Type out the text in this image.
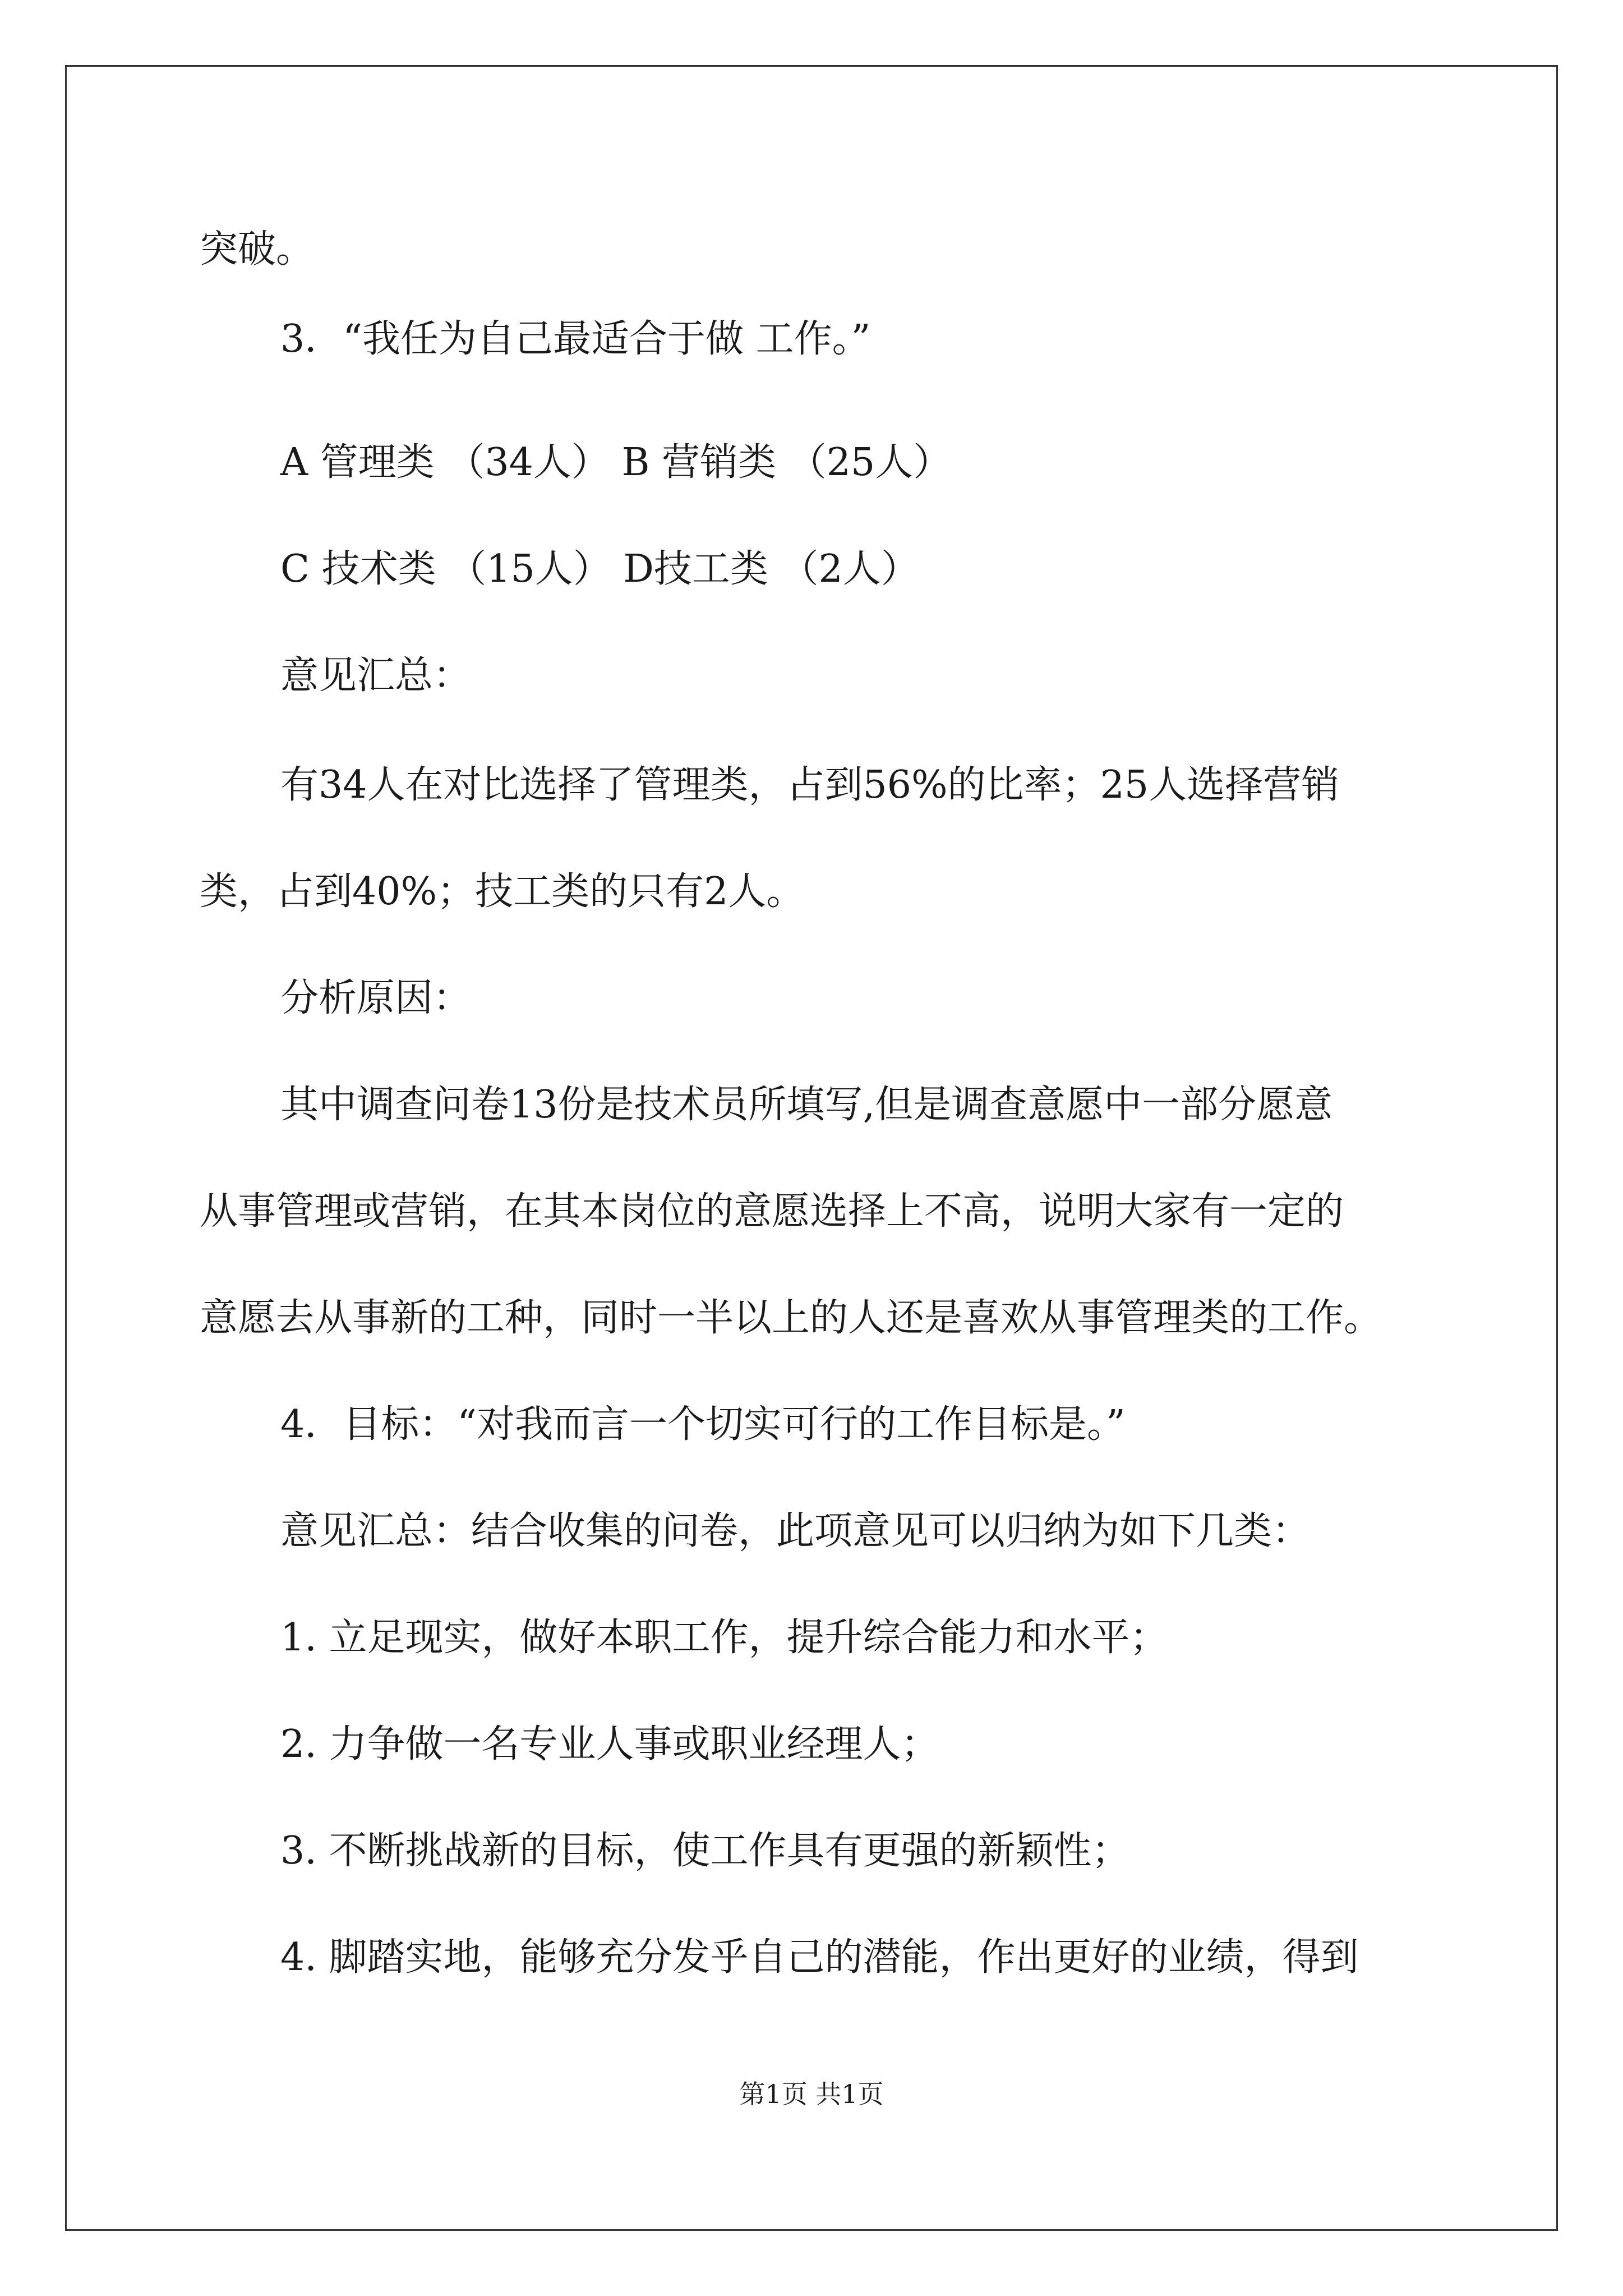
突破。
3．“我任为自己最适合于做 工作。”
A 管理类 （34人） B 营销类 （25人）
C 技术类 （15人） D技工类 （2人）
意见汇总：
有34人在对比选择了管理类，占到56%的比率；25人选择营销
类，占到40%；技工类的只有2人。
分析原因：
其中调查问卷13份是技术员所填写,但是调查意愿中一部分愿意
从事管理或营销，在其本岗位的意愿选择上不高，说明大家有一定的
意愿去从事新的工种，同时一半以上的人还是喜欢从事管理类的工作。
4．目标：“对我而言一个切实可行的工作目标是。”
意见汇总：结合收集的问卷，此项意见可以归纳为如下几类：
1. 立足现实，做好本职工作，提升综合能力和水平；
2. 力争做一名专业人事或职业经理人；
3. 不断挑战新的目标，使工作具有更强的新颖性；
4. 脚踏实地，能够充分发乎自己的潜能，作出更好的业绩，得到
第1页 共1页
